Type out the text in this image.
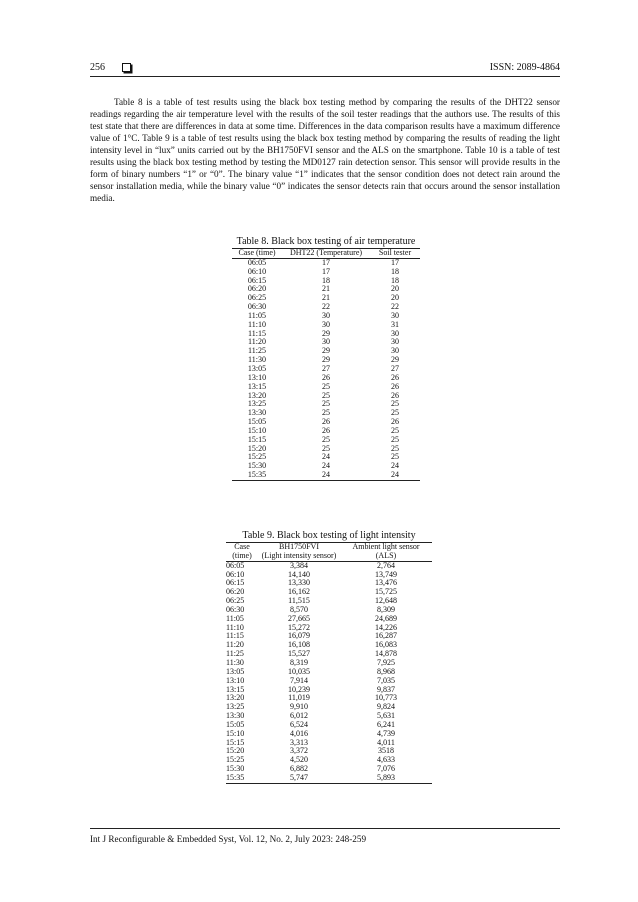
256	ISSN: 2089-4864

Table 8 is a table of test results using the black box testing method by comparing the results of the DHT22 sensor readings regarding the air temperature level with the results of the soil tester readings that the authors use. The results of this test state that there are differences in data at some time. Differences in the data comparison results have a maximum difference value of 1°C. Table 9 is a table of test results using the black box testing method by comparing the results of reading the light intensity level in “lux” units carried out by the BH1750FVI sensor and the ALS on the smartphone. Table 10 is a table of test results using the black box testing method by testing the MD0127 rain detection sensor. This sensor will provide results in the form of binary numbers “1” or “0”. The binary value “1” indicates that the sensor condition does not detect rain around the sensor installation media, while the binary value “0” indicates the sensor detects rain that occurs around the sensor installation media.

Table 8. Black box testing of air temperature
Case (time)	DHT22 (Temperature)	Soil tester
06:05	17	17
06:10	17	18
06:15	18	18
06:20	21	20
06:25	21	20
06:30	22	22
11:05	30	30
11:10	30	31
11:15	29	30
11:20	30	30
11:25	29	30
11:30	29	29
13:05	27	27
13:10	26	26
13:15	25	26
13:20	25	26
13:25	25	25
13:30	25	25
15:05	26	26
15:10	26	25
15:15	25	25
15:20	25	25
15:25	24	25
15:30	24	24
15:35	24	24
Table 9. Black box testing of light intensity
Case	BH1750FVI	Ambient light sensor
(time)	(Light intensity sensor)	(ALS)
06:05	3,384	2,764
06:10	14,140	13,749
06:15	13,330	13,476
06:20	16,162	15,725
06:25	11,515	12,648
06:30	8,570	8,309
11:05	27,665	24,689
11:10	15,272	14,226
11:15	16,079	16,287
11:20	16,108	16,083
11:25	15,527	14,878
11:30	8,319	7,925
13:05	10,035	8,968
13:10	7,914	7,035
13:15	10,239	9,837
13:20	11,019	10,773
13:25	9,910	9,824
13:30	6,012	5,631
15:05	6,524	6,241
15:10	4,016	4,739
15:15	3,313	4,011
15:20	3,372	3518
15:25	4,520	4,633
15:30	6,882	7,076
15:35	5,747	5,893
Int J Reconfigurable & Embedded Syst, Vol. 12, No. 2, July 2023: 248-259
